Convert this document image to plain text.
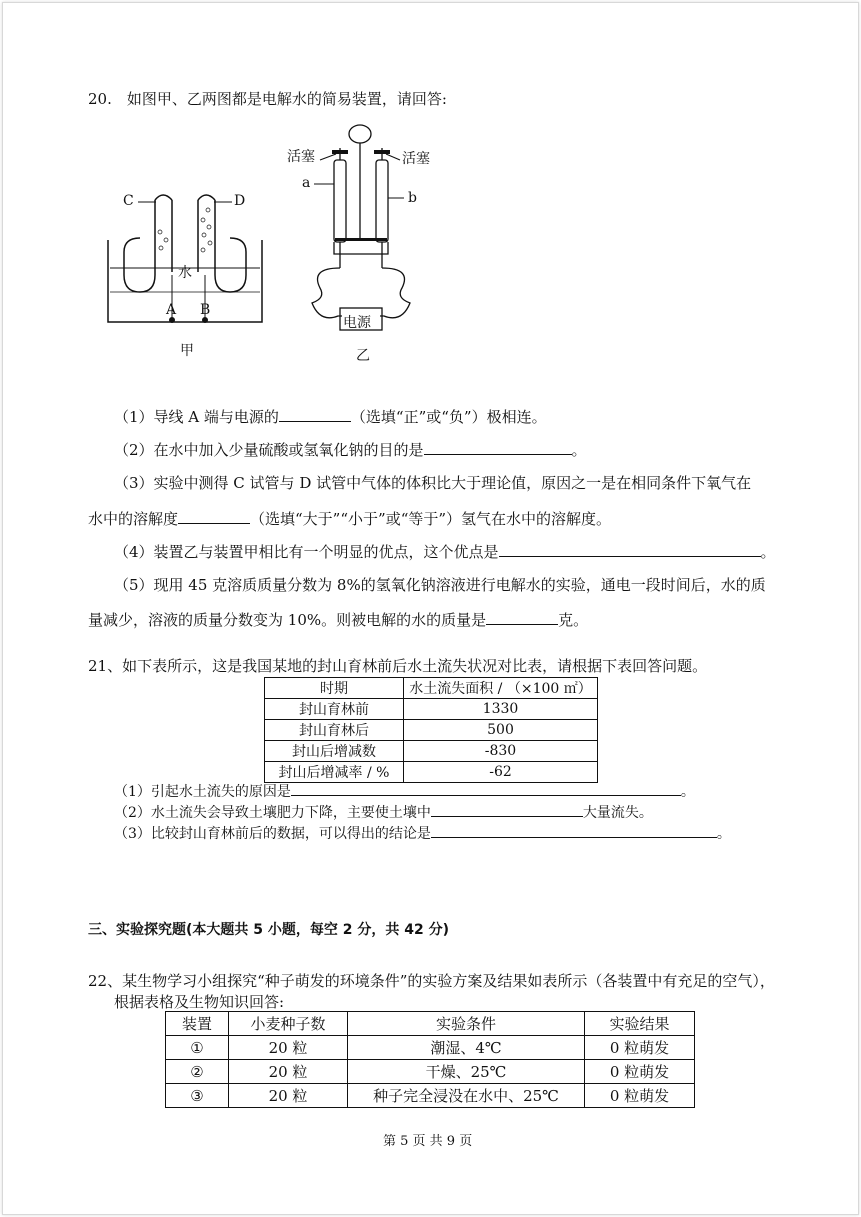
20.　如图甲、乙两图都是电解水的简易装置，请回答:
C	D
水
A B
甲
活塞	活塞
a
b
电源
乙
（1）导线 A 端与电源的	（选填“正”或“负”）极相连。
（2）在水中加入少量硫酸或氢氧化钠的目的是	。
（3）实验中测得 C 试管与 D 试管中气体的体积比大于理论值，原因之一是在相同条件下氧气在
水中的溶解度	（选填“大于”“小于”或“等于”）氢气在水中的溶解度。
（4）装置乙与装置甲相比有一个明显的优点，这个优点是	。
（5）现用 45 克溶质质量分数为 8%的氢氧化钠溶液进行电解水的实验，通电一段时间后，水的质
量减少，溶液的质量分数变为 10%。则被电解的水的质量是	克。
21、如下表所示，这是我国某地的封山育林前后水土流失状况对比表，请根据下表回答问题。
时期	水土流失面积 / （×100 ㎡）
封山育林前	1330
封山育林后	500
封山后增减数	-830
封山后增减率 / %	-62
（1）引起水土流失的原因是	。
（2）水土流失会导致土壤肥力下降，主要使土壤中	大量流失。
（3）比较封山育林前后的数据，可以得出的结论是	。
三、实验探究题(本大题共 5 小题，每空 2 分，共 42 分)
22、某生物学习小组探究“种子萌发的环境条件”的实验方案及结果如表所示（各装置中有充足的空气），
根据表格及生物知识回答:
装置	小麦种子数	实验条件	实验结果
①	20 粒	潮湿、4℃	0 粒萌发
②	20 粒	干燥、25℃	0 粒萌发
③	20 粒	种子完全浸没在水中、25℃	0 粒萌发
第 5 页 共 9 页
